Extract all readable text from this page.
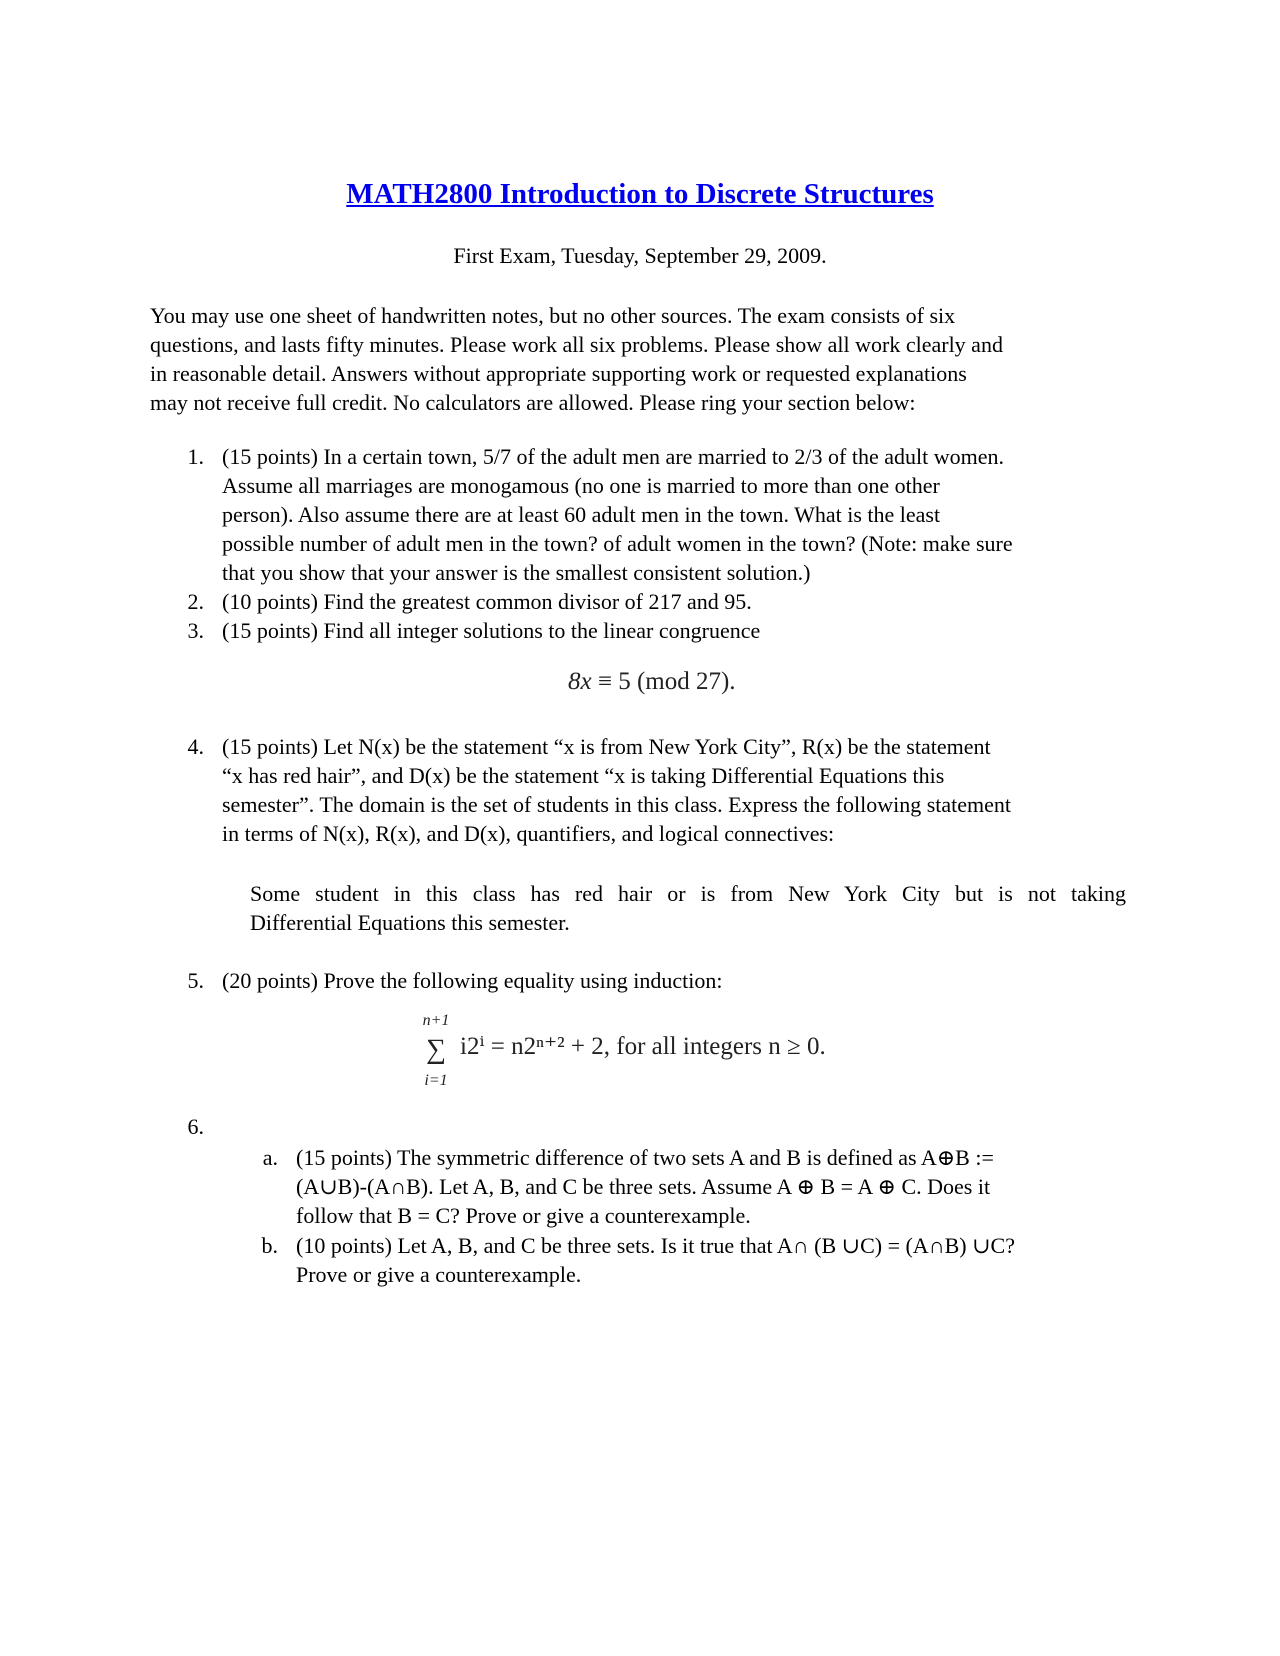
MATH2800 Introduction to Discrete Structures
First Exam, Tuesday, September 29, 2009.
You may use one sheet of handwritten notes, but no other sources. The exam consists of six
questions, and lasts fifty minutes. Please work all six problems. Please show all work clearly and
in reasonable detail. Answers without appropriate supporting work or requested explanations
may not receive full credit. No calculators are allowed. Please ring your section below:
1. (15 points) In a certain town, 5/7 of the adult men are married to 2/3 of the adult women.
Assume all marriages are monogamous (no one is married to more than one other
person). Also assume there are at least 60 adult men in the town. What is the least
possible number of adult men in the town? of adult women in the town? (Note: make sure
that you show that your answer is the smallest consistent solution.)
2. (10 points) Find the greatest common divisor of 217 and 95.
3. (15 points) Find all integer solutions to the linear congruence
8x ≡ 5 (mod 27).
4. (15 points) Let N(x) be the statement “x is from New York City”, R(x) be the statement
“x has red hair”, and D(x) be the statement “x is taking Differential Equations this
semester”. The domain is the set of students in this class. Express the following statement
in terms of N(x), R(x), and D(x), quantifiers, and logical connectives:
Some student in this class has red hair or is from New York City but is not taking
Differential Equations this semester.
5. (20 points) Prove the following equality using induction:
n+1
∑
i=1
i2ⁱ = n2ⁿ⁺² + 2, for all integers n ≥ 0.
6.
a. (15 points) The symmetric difference of two sets A and B is defined as A⊕B :=
(A∪B)-(A∩B). Let A, B, and C be three sets. Assume A ⊕ B = A ⊕ C. Does it
follow that B = C? Prove or give a counterexample.
b. (10 points) Let A, B, and C be three sets. Is it true that A∩ (B ∪C) = (A∩B) ∪C?
Prove or give a counterexample.
